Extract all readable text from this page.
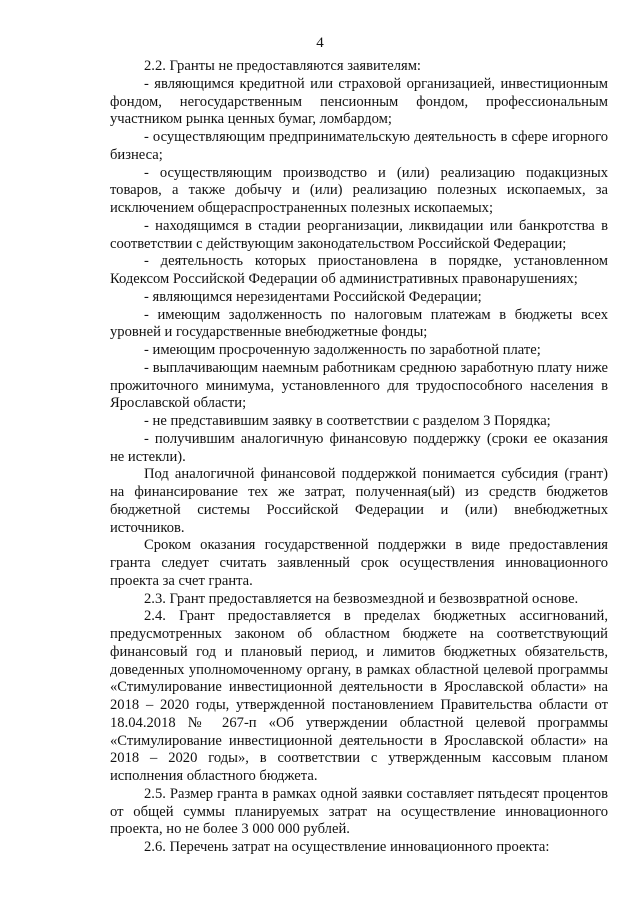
4

2.2. Гранты не предоставляются заявителям:

- являющимся кредитной или страховой организацией, инвестиционным фондом, негосударственным пенсионным фондом, профессиональным участником рынка ценных бумаг, ломбардом;

- осуществляющим предпринимательскую деятельность в сфере игорного бизнеса;

- осуществляющим производство и (или) реализацию подакцизных товаров, а также добычу и (или) реализацию полезных ископаемых, за исключением общераспространенных полезных ископаемых;

- находящимся в стадии реорганизации, ликвидации или банкротства в соответствии с действующим законодательством Российской Федерации;

- деятельность которых приостановлена в порядке, установленном Кодексом Российской Федерации об административных правонарушениях;

- являющимся нерезидентами Российской Федерации;

- имеющим задолженность по налоговым платежам в бюджеты всех уровней и государственные внебюджетные фонды;

- имеющим просроченную задолженность по заработной плате;

- выплачивающим наемным работникам среднюю заработную плату ниже прожиточного минимума, установленного для трудоспособного населения в Ярославской области;

- не представившим заявку в соответствии с разделом 3 Порядка;

- получившим аналогичную финансовую поддержку (сроки ее оказания не истекли).

Под аналогичной финансовой поддержкой понимается субсидия (грант) на финансирование тех же затрат, полученная(ый) из средств бюджетов бюджетной системы Российской Федерации и (или) внебюджетных источников.

Сроком оказания государственной поддержки в виде предоставления гранта следует считать заявленный срок осуществления инновационного проекта за счет гранта.

2.3. Грант предоставляется на безвозмездной и безвозвратной основе.

2.4. Грант предоставляется в пределах бюджетных ассигнований, предусмотренных законом об областном бюджете на соответствующий финансовый год и плановый период, и лимитов бюджетных обязательств, доведенных уполномоченному органу, в рамках областной целевой программы «Стимулирование инвестиционной деятельности в Ярославской области» на 2018 – 2020 годы, утвержденной постановлением Правительства области от 18.04.2018 № 267-п «Об утверждении областной целевой программы «Стимулирование инвестиционной деятельности в Ярославской области» на 2018 – 2020 годы», в соответствии с утвержденным кассовым планом исполнения областного бюджета.

2.5. Размер гранта в рамках одной заявки составляет пятьдесят процентов от общей суммы планируемых затрат на осуществление инновационного проекта, но не более 3 000 000 рублей.

2.6. Перечень затрат на осуществление инновационного проекта:
